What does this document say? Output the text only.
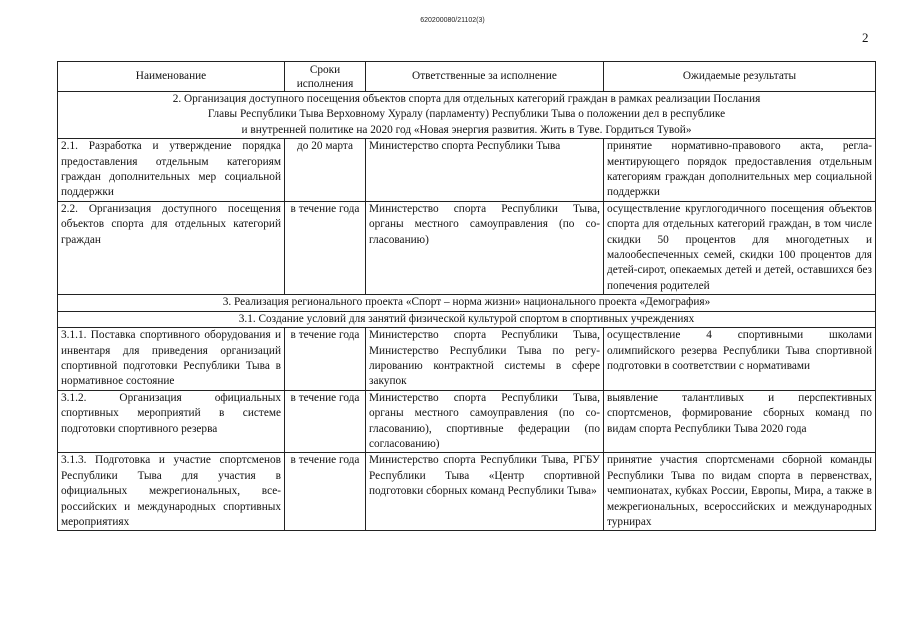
620200080/21102(3)
2
Наименование	Сроки исполнения	Ответственные за исполнение	Ожидаемые результаты

2. Организация доступного посещения объектов спорта для отдельных категорий граждан в рамках реализации Послания
Главы Республики Тыва Верховному Хуралу (парламенту) Республики Тыва о положении дел в республике
и внутренней политике на 2020 год «Новая энергия развития. Жить в Туве. Гордиться Тувой»			

2.1. Разработка и утверждение порядка предоставления отдельным категориям граждан дополнительных мер социальной поддержки	до 20 марта	Министерство спорта Республики Тыва	принятие нормативно-правового акта, регламентирующего порядок предоставления отдельным категориям граждан дополнительных мер социальной поддержки
2.2. Организация доступного посещения объектов спорта для отдельных категорий граждан	в течение года	Министерство спорта Республики Тыва, органы местного самоуправления (по согласованию)	осуществление круглогодичного посещения объектов спорта для отдельных категорий граждан, в том числе скидки 50 процентов для многодетных и малообеспеченных семей, скидки 100 процентов для детей-сирот, опекаемых детей и детей, оставшихся без попечения родителей
3. Реализация регионального проекта «Спорт – норма жизни» национального проекта «Демография»			
3.1. Создание условий для занятий физической культурой спортом в спортивных учреждениях			
3.1.1. Поставка спортивного оборудования и инвентаря для приведения организаций спортивной подготовки Республики Тыва в нормативное состояние	в течение года	Министерство спорта Республики Тыва, Министерство Республики Тыва по регулированию контрактной системы в сфере закупок	осуществление 4 спортивными школами олимпийского резерва Республики Тыва спортивной подготовки в соответствии с нормативами
3.1.2. Организация официальных спортивных мероприятий в системе подготовки спортивного резерва	в течение года	Министерство спорта Республики Тыва, органы местного самоуправления (по согласованию), спортивные федерации (по согласованию)	выявление талантливых и перспективных спортсменов, формирование сборных команд по видам спорта Республики Тыва 2020 года
3.1.3. Подготовка и участие спортсменов Республики Тыва для участия в официальных межрегиональных, всероссийских и международных спортивных мероприятиях	в течение года	Министерство спорта Республики Тыва, РГБУ Республики Тыва «Центр спортивной подготовки сборных команд Республики Тыва»	принятие участия спортсменами сборной команды Республики Тыва по видам спорта в первенствах, чемпионатах, кубках России, Европы, Мира, а также в межрегиональных, всероссийских и международных турнирах
